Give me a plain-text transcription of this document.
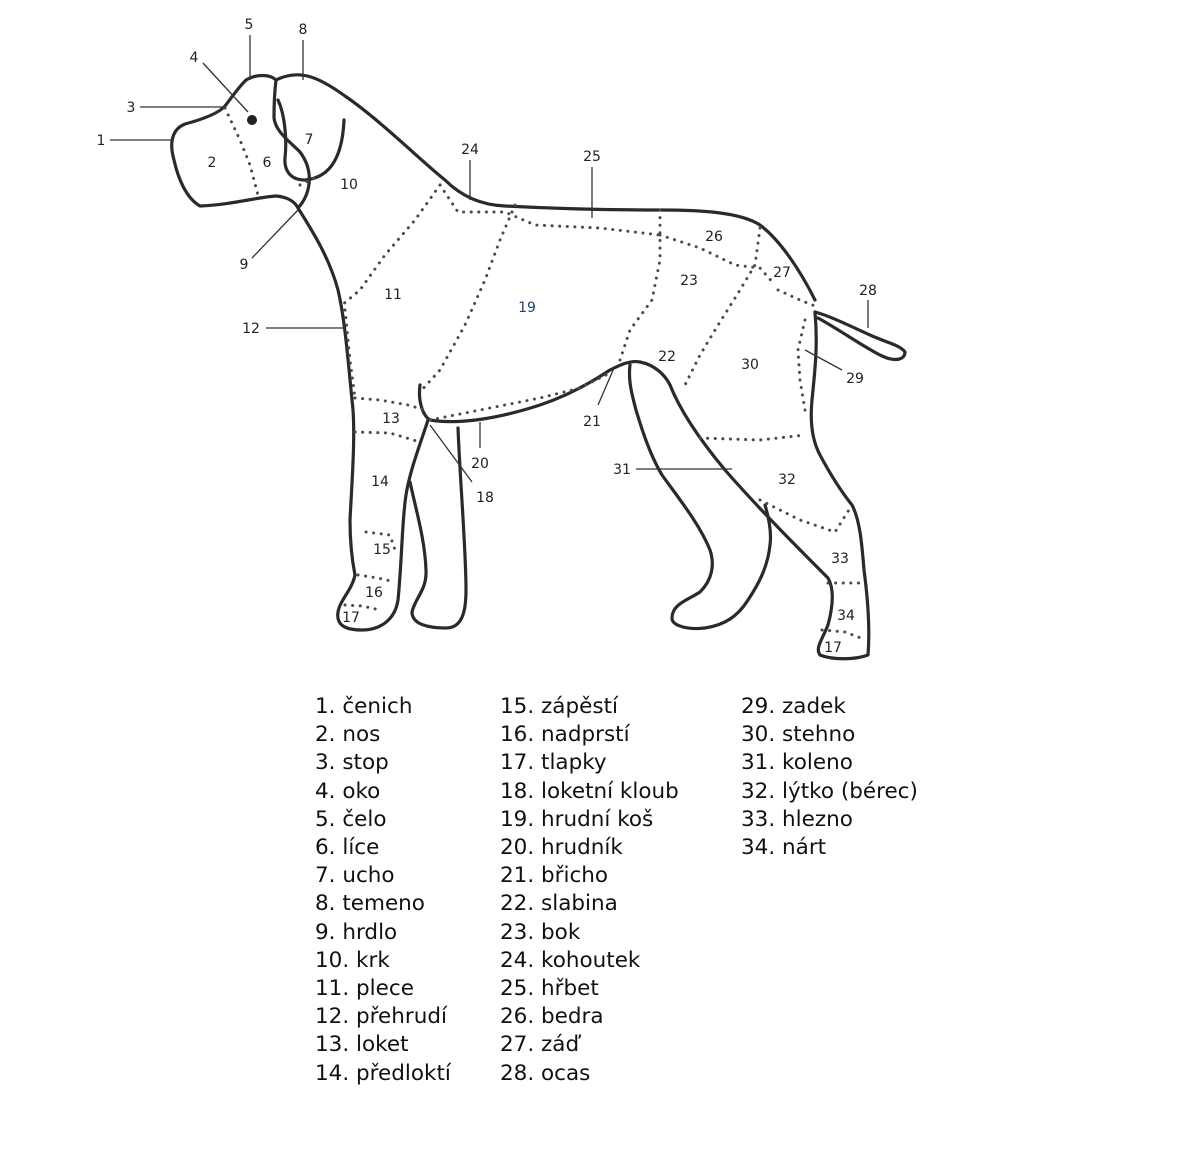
1
2
3
4
5
6
7
8
9
10
11
12
13
14
15
16
17
18
19
20
21
22
23
24	25
26
27
28
29
30
31
32
33
34
17
1. čenich
2. nos
3. stop
4. oko
5. čelo
6. líce
7. ucho
8. temeno
9. hrdlo
10. krk
11. plece
12. přehrudí
13. loket
14. předloktí
15. zápěstí
16. nadprstí
17. tlapky
18. loketní kloub
19. hrudní koš
20. hrudník
21. břicho
22. slabina
23. bok
24. kohoutek
25. hřbet
26. bedra
27. záď
28. ocas
29. zadek
30. stehno
31. koleno
32. lýtko (bérec)
33. hlezno
34. nárt
